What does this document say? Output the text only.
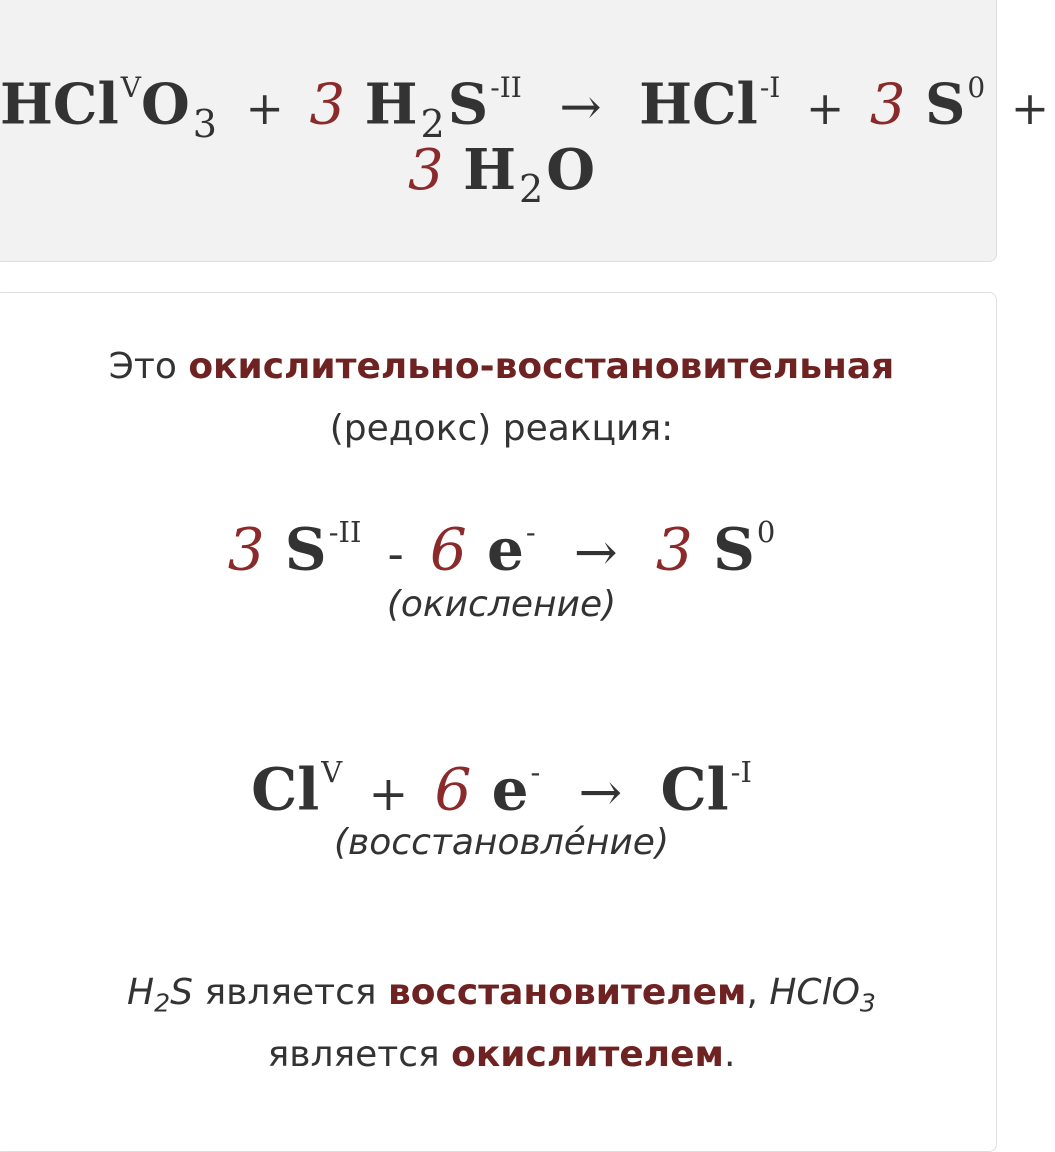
$HCl^VO_3 + 3$ $H_2S^{-II} \to HCl^{-I} + 3$ $S^0$ +
3 $H_2O$
Это окислительно-восстановительная
(редокс) реакция:
3 $S^{-II} - 6$ e- → 3 $S^0$
(окисление)
$Cl^V + 6$ $e^- \to Cl^{-I}$
(восстановле́ние)
$H_2S$ является восстановителем, HClO$_3$
является окислителем.
